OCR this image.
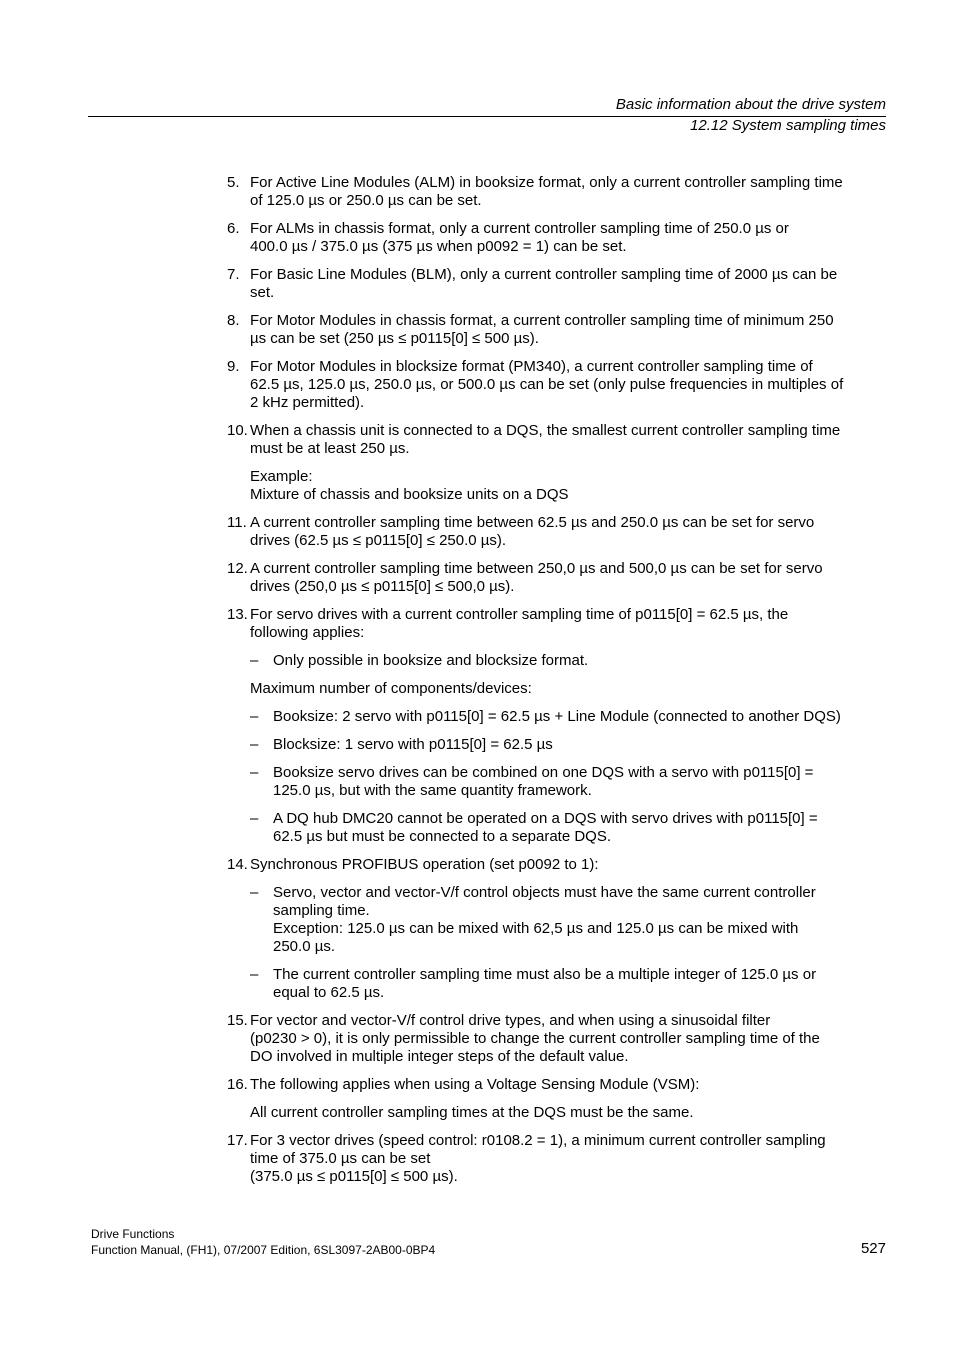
Basic information about the drive system
12.12 System sampling times
5. For Active Line Modules (ALM) in booksize format, only a current controller sampling time
of 125.0 µs or 250.0 µs can be set.
6. For ALMs in chassis format, only a current controller sampling time of 250.0 µs or
400.0 µs / 375.0 µs (375 µs when p0092 = 1) can be set.
7. For Basic Line Modules (BLM), only a current controller sampling time of 2000 µs can be
set.
8. For Motor Modules in chassis format, a current controller sampling time of minimum 250
µs can be set (250 µs ≤ p0115[0] ≤ 500 µs).
9. For Motor Modules in blocksize format (PM340), a current controller sampling time of
62.5 µs, 125.0 µs, 250.0 µs, or 500.0 µs can be set (only pulse frequencies in multiples of
2 kHz permitted).
10. When a chassis unit is connected to a DQS, the smallest current controller sampling time
must be at least 250 µs.
Example:
Mixture of chassis and booksize units on a DQS
11. A current controller sampling time between 62.5 µs and 250.0 µs can be set for servo
drives (62.5 µs ≤ p0115[0] ≤ 250.0 µs).
12. A current controller sampling time between 250,0 µs and 500,0 µs can be set for servo
drives (250,0 µs ≤ p0115[0] ≤ 500,0 µs).
13. For servo drives with a current controller sampling time of p0115[0] = 62.5 µs, the
following applies:
– Only possible in booksize and blocksize format.
Maximum number of components/devices:
– Booksize: 2 servo with p0115[0] = 62.5 µs + Line Module (connected to another DQS)
– Blocksize: 1 servo with p0115[0] = 62.5 µs
– Booksize servo drives can be combined on one DQS with a servo with p0115[0] =
125.0 µs, but with the same quantity framework.
– A DQ hub DMC20 cannot be operated on a DQS with servo drives with p0115[0] =
62.5 µs but must be connected to a separate DQS.
14. Synchronous PROFIBUS operation (set p0092 to 1):
– Servo, vector and vector-V/f control objects must have the same current controller
sampling time.
Exception: 125.0 µs can be mixed with 62,5 µs and 125.0 µs can be mixed with
250.0 µs.
– The current controller sampling time must also be a multiple integer of 125.0 µs or
equal to 62.5 µs.
15. For vector and vector-V/f control drive types, and when using a sinusoidal filter
(p0230 > 0), it is only permissible to change the current controller sampling time of the
DO involved in multiple integer steps of the default value.
16. The following applies when using a Voltage Sensing Module (VSM):
All current controller sampling times at the DQS must be the same.
17. For 3 vector drives (speed control: r0108.2 = 1), a minimum current controller sampling
time of 375.0 µs can be set
(375.0 µs ≤ p0115[0] ≤ 500 µs).
Drive Functions
Function Manual, (FH1), 07/2007 Edition, 6SL3097-2AB00-0BP4	527
